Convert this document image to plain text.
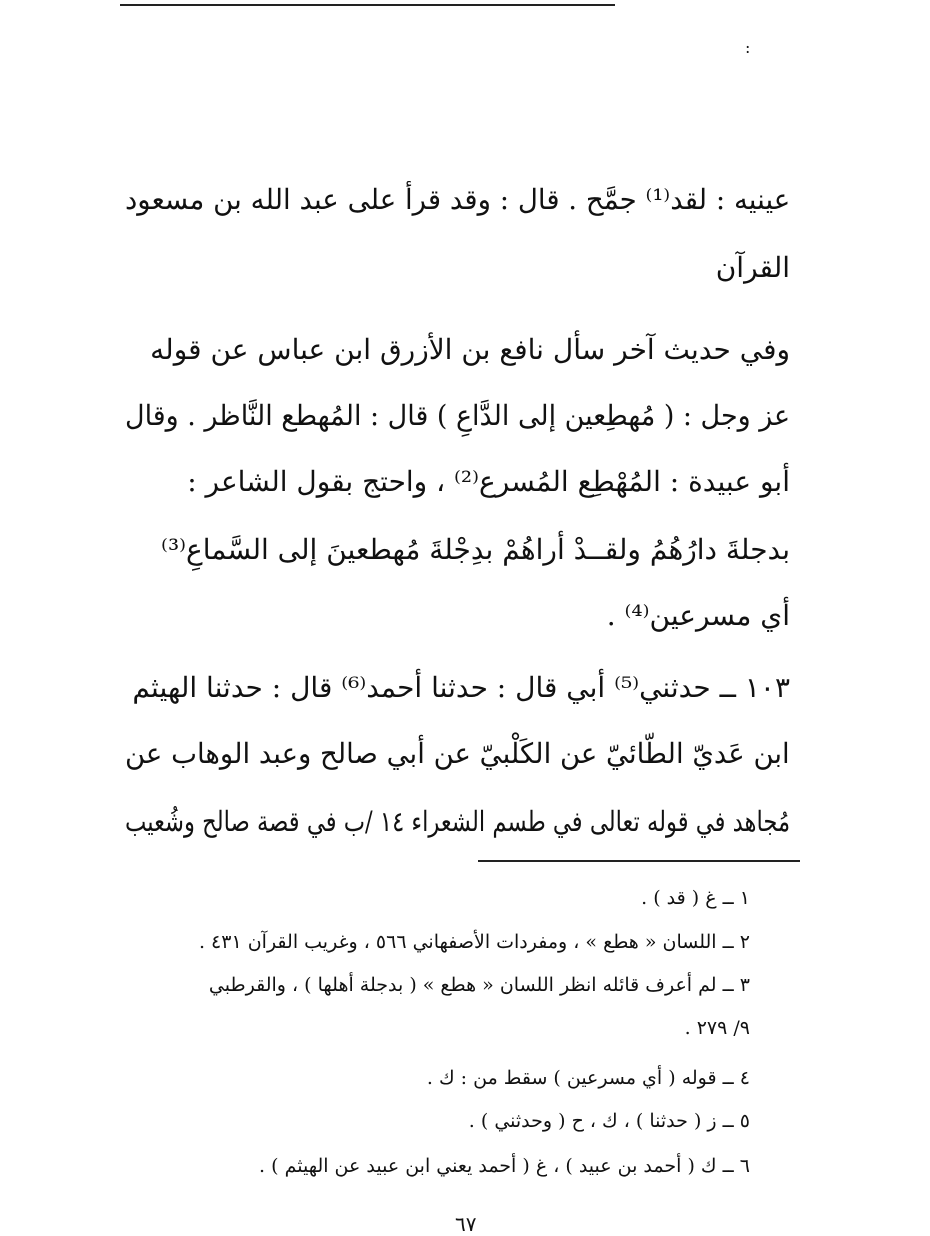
:
عينيه : لقد⁽¹⁾ جمَّح . قال : وقد قرأ على عبد الله بن مسعود
القرآن
وفي حديث آخر سأل نافع بن الأزرق ابن عباس عن قوله
عز وجل : ( مُهطِعين إلى الدَّاعِ ) قال : المُهطع النَّاظر . وقال
أبو عبيدة : المُهْطِع المُسرع⁽²⁾ ، واحتج بقول الشاعر :
بدجلةَ دارُهُمُ ولقــدْ أراهُمْ بدِجْلةَ مُهطعينَ إلى السَّماعِ⁽³⁾
أي مسرعين⁽⁴⁾ .
١٠٣ ــ حدثني⁽⁵⁾ أبي قال : حدثنا أحمد⁽⁶⁾ قال : حدثنا الهيثم
ابن عَديّ الطّائيّ عن الكَلْبيّ عن أبي صالح وعبد الوهاب عن
مُجاهد في قوله تعالى في طسم الشعراء ١٤ /ب في قصة صالح وشُعيب
١ ــ غ ( قد ) .
٢ ــ اللسان « هطع » ، ومفردات الأصفهاني ٥٦٦ ، وغريب القرآن ٤٣١ .
٣ ــ لم أعرف قائله انظر اللسان « هطع » ( بدجلة أهلها ) ، والقرطبي
٩/ ٢٧٩ .
٤ ــ قوله ( أي مسرعين ) سقط من : ك .
٥ ــ ز ( حدثنا ) ، ك ، ح ( وحدثني ) .
٦ ــ ك ( أحمد بن عبيد ) ، غ ( أحمد يعني ابن عبيد عن الهيثم ) .
٦٧
